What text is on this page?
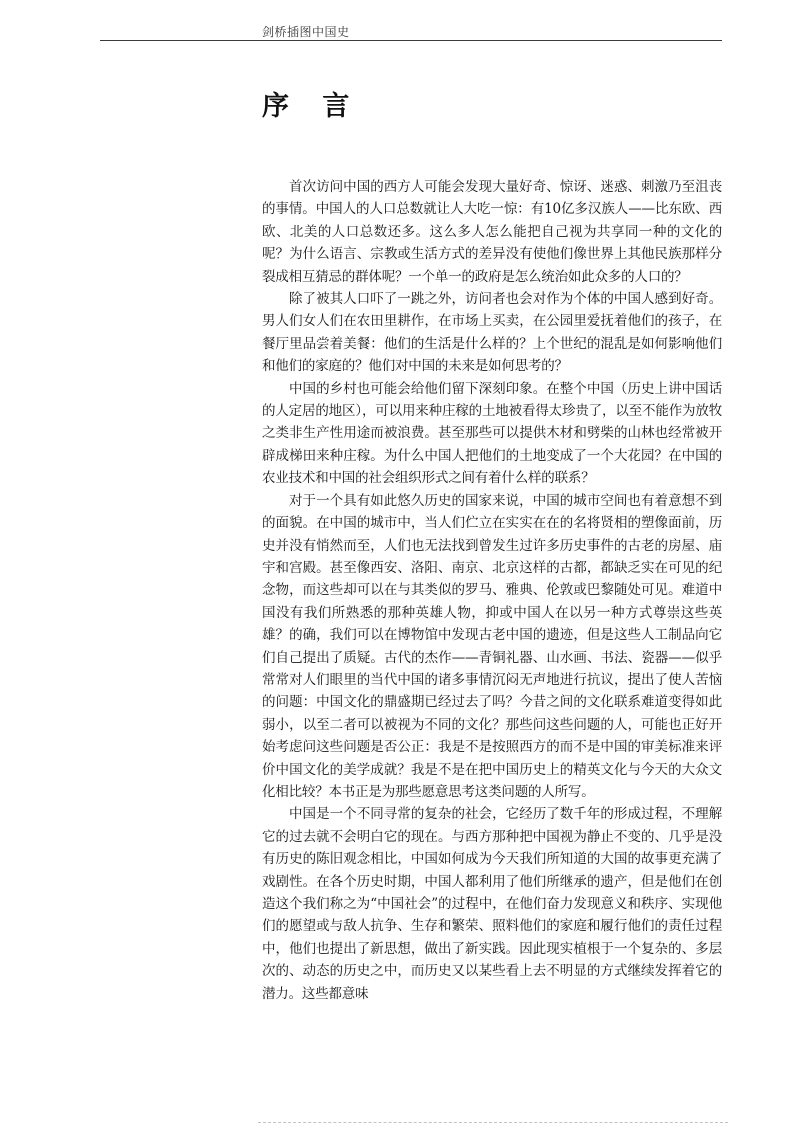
剑桥插图中国史
序 言

首次访问中国的西方人可能会发现大量好奇、惊讶、迷惑、刺激乃至沮丧的事情。中国人的人口总数就让人大吃一惊：有10亿多汉族人——比东欧、西欧、北美的人口总数还多。这么多人怎么能把自己视为共享同一种的文化的呢？为什么语言、宗教或生活方式的差异没有使他们像世界上其他民族那样分裂成相互猜忌的群体呢？一个单一的政府是怎么统治如此众多的人口的？

除了被其人口吓了一跳之外，访问者也会对作为个体的中国人感到好奇。男人们女人们在农田里耕作，在市场上买卖，在公园里爱抚着他们的孩子，在餐厅里品尝着美餐：他们的生活是什么样的？上个世纪的混乱是如何影响他们和他们的家庭的？他们对中国的未来是如何思考的？

中国的乡村也可能会给他们留下深刻印象。在整个中国（历史上讲中国话的人定居的地区），可以用来种庄稼的土地被看得太珍贵了，以至不能作为放牧之类非生产性用途而被浪费。甚至那些可以提供木材和劈柴的山林也经常被开辟成梯田来种庄稼。为什么中国人把他们的土地变成了一个大花园？在中国的农业技术和中国的社会组织形式之间有着什么样的联系？

对于一个具有如此悠久历史的国家来说，中国的城市空间也有着意想不到的面貌。在中国的城市中，当人们伫立在实实在在的名将贤相的塑像面前，历史并没有悄然而至，人们也无法找到曾发生过许多历史事件的古老的房屋、庙宇和宫殿。甚至像西安、洛阳、南京、北京这样的古都，都缺乏实在可见的纪念物，而这些却可以在与其类似的罗马、雅典、伦敦或巴黎随处可见。难道中国没有我们所熟悉的那种英雄人物，抑或中国人在以另一种方式尊崇这些英雄？的确，我们可以在博物馆中发现古老中国的遗迹，但是这些人工制品向它们自己提出了质疑。古代的杰作——青铜礼器、山水画、书法、瓷器——似乎常常对人们眼里的当代中国的诸多事情沉闷无声地进行抗议，提出了使人苦恼的问题：中国文化的鼎盛期已经过去了吗？今昔之间的文化联系难道变得如此弱小，以至二者可以被视为不同的文化？那些问这些问题的人，可能也正好开始考虑问这些问题是否公正：我是不是按照西方的而不是中国的审美标准来评价中国文化的美学成就？我是不是在把中国历史上的精英文化与今天的大众文化相比较？本书正是为那些愿意思考这类问题的人所写。

中国是一个不同寻常的复杂的社会，它经历了数千年的形成过程，不理解它的过去就不会明白它的现在。与西方那种把中国视为静止不变的、几乎是没有历史的陈旧观念相比，中国如何成为今天我们所知道的大国的故事更充满了戏剧性。在各个历史时期，中国人都利用了他们所继承的遗产，但是他们在创造这个我们称之为“中国社会”的过程中，在他们奋力发现意义和秩序、实现他们的愿望或与敌人抗争、生存和繁荣、照料他们的家庭和履行他们的责任过程中，他们也提出了新思想，做出了新实践。因此现实植根于一个复杂的、多层次的、动态的历史之中，而历史又以某些看上去不明显的方式继续发挥着它的潜力。这些都意味
